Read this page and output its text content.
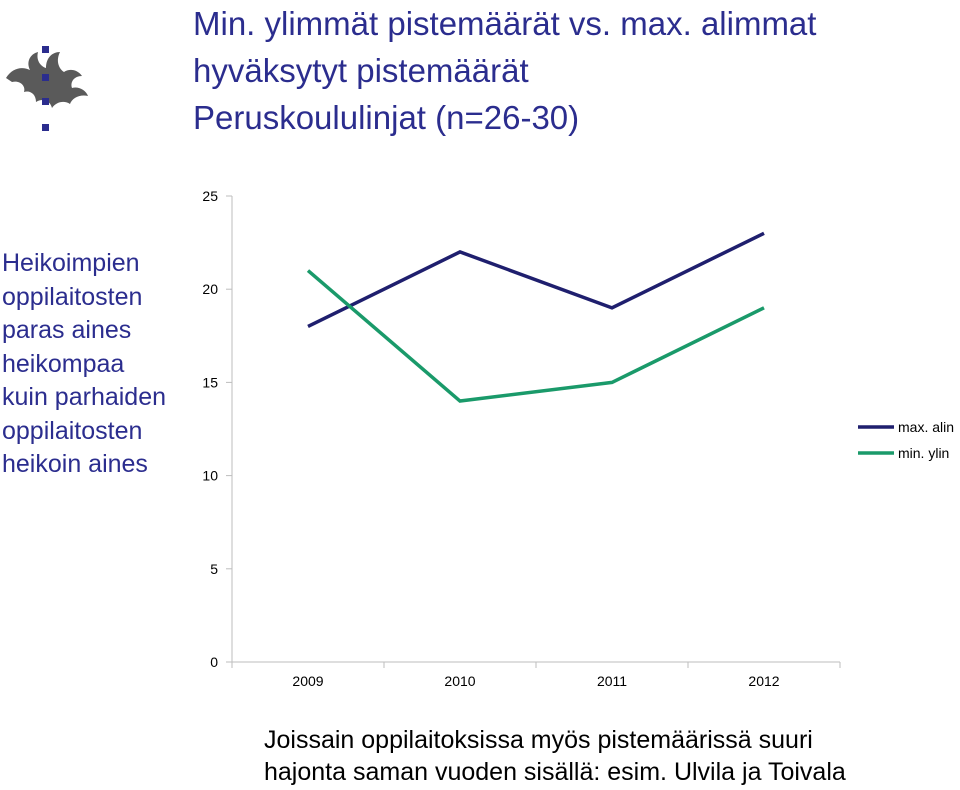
Min. ylimmät pistemäärät vs. max. alimmat
hyväksytyt pistemäärät
Peruskoululinjat (n=26-30)
Heikoimpien
oppilaitosten
paras aines
heikompaa
kuin parhaiden
oppilaitosten
heikoin aines
0
5
10
15
20
25
2009	2010	2011	2012
max. alin
min. ylin
Joissain oppilaitoksissa myös pistemäärissä suuri
hajonta saman vuoden sisällä: esim. Ulvila ja Toivala
